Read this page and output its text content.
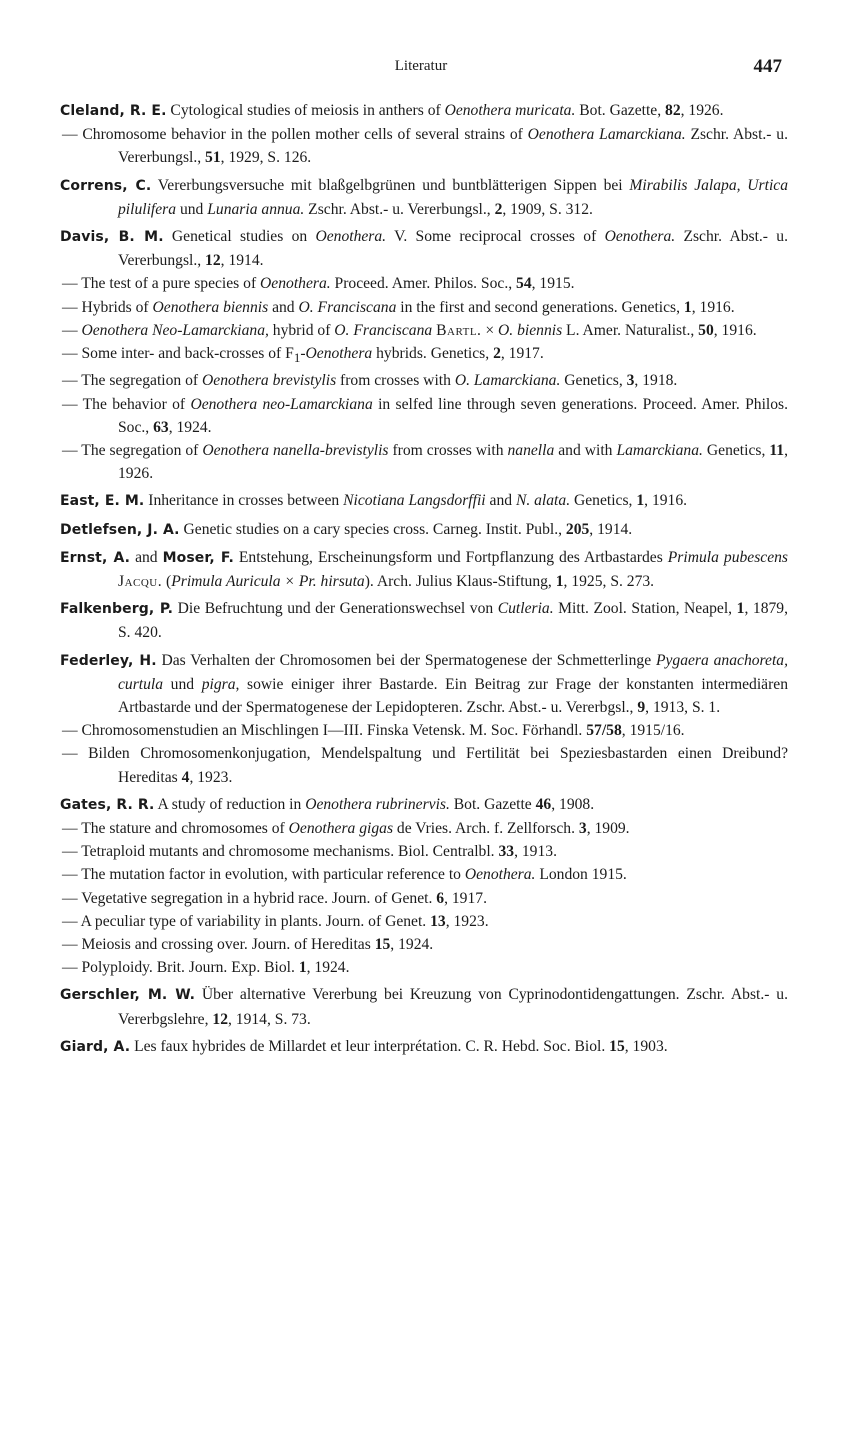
Literatur	447
Cleland, R. E. Cytological studies of meiosis in anthers of Oenothera muricata. Bot. Gazette, 82, 1926.
— Chromosome behavior in the pollen mother cells of several strains of Oenothera Lamarckiana. Zschr. Abst.- u. Vererbungsl., 51, 1929, S. 126.
Correns, C. Vererbungsversuche mit blaßgelbgrünen und buntblätterigen Sippen bei Mirabilis Jalapa, Urtica pilulifera und Lunaria annua. Zschr. Abst.- u. Vererbungsl., 2, 1909, S. 312.
Davis, B. M. Genetical studies on Oenothera. V. Some reciprocal crosses of Oenothera. Zschr. Abst.- u. Vererbungsl., 12, 1914.
— The test of a pure species of Oenothera. Proceed. Amer. Philos. Soc., 54, 1915.
— Hybrids of Oenothera biennis and O. Franciscana in the first and second generations. Genetics, 1, 1916.
— Oenothera Neo-Lamarckiana, hybrid of O. Franciscana Bartl. × O. biennis L. Amer. Naturalist., 50, 1916.
— Some inter- and back-crosses of $F_1$-Oenothera hybrids. Genetics, 2, 1917.
— The segregation of Oenothera brevistylis from crosses with O. Lamarckiana. Genetics, 3, 1918.
— The behavior of Oenothera neo-Lamarckiana in selfed line through seven generations. Proceed. Amer. Philos. Soc., 63, 1924.
— The segregation of Oenothera nanella-brevistylis from crosses with nanella and with Lamarckiana. Genetics, 11, 1926.
East, E. M. Inheritance in crosses between Nicotiana Langsdorffii and N. alata. Genetics, 1, 1916.
Detlefsen, J. A. Genetic studies on a cary species cross. Carneg. Instit. Publ., 205, 1914.
Ernst, A. and Moser, F. Entstehung, Erscheinungsform und Fortpflanzung des Artbastardes Primula pubescens Jacqu. (Primula Auricula × Pr. hirsuta). Arch. Julius Klaus-Stiftung, 1, 1925, S. 273.
Falkenberg, P. Die Befruchtung und der Generationswechsel von Cutleria. Mitt. Zool. Station, Neapel, 1, 1879, S. 420.
Federley, H. Das Verhalten der Chromosomen bei der Spermatogenese der Schmetterlinge Pygaera anachoreta, curtula und pigra, sowie einiger ihrer Bastarde. Ein Beitrag zur Frage der konstanten intermediären Artbastarde und der Spermatogenese der Lepidopteren. Zschr. Abst.- u. Vererbgsl., 9, 1913, S. 1.
— Chromosomenstudien an Mischlingen I—III. Finska Vetensk. M. Soc. Förhandl. 57/58, 1915/16.
— Bilden Chromosomenkonjugation, Mendelspaltung und Fertilität bei Speziesbastarden einen Dreibund? Hereditas 4, 1923.
Gates, R. R. A study of reduction in Oenothera rubrinervis. Bot. Gazette 46, 1908.
— The stature and chromosomes of Oenothera gigas de Vries. Arch. f. Zellforsch. 3, 1909.
— Tetraploid mutants and chromosome mechanisms. Biol. Centralbl. 33, 1913.
— The mutation factor in evolution, with particular reference to Oenothera. London 1915.
— Vegetative segregation in a hybrid race. Journ. of Genet. 6, 1917.
— A peculiar type of variability in plants. Journ. of Genet. 13, 1923.
— Meiosis and crossing over. Journ. of Hereditas 15, 1924.
— Polyploidy. Brit. Journ. Exp. Biol. 1, 1924.
Gerschler, M. W. Über alternative Vererbung bei Kreuzung von Cyprinodontidengattungen. Zschr. Abst.- u. Vererbgslehre, 12, 1914, S. 73.
Giard, A. Les faux hybrides de Millardet et leur interprétation. C. R. Hebd. Soc. Biol. 15, 1903.
